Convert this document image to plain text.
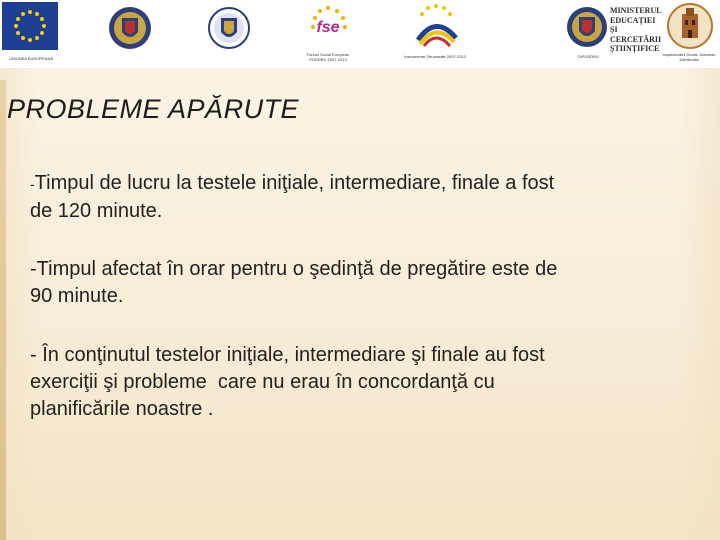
UNIUNEA EUROPEANĂ
fse
Fondul Social European POSDRU 2007-2013
Instrumente Structurale 2007-2013	OIPOSDRU
MINISTERUL EDUCAȚIEI ȘI CERCETĂRII ȘTIINȚIFICE
Inspectoratul Școlar Județean Dâmbovița
PROBLEME APĂRUTE
-Timpul de lucru la testele iniţiale, intermediare, finale a fost
de 120 minute.
-Timpul afectat în orar pentru o şedinţă de pregătire este de
90 minute.
- În conţinutul testelor iniţiale, intermediare şi finale au fost
exerciţii şi probleme  care nu erau în concordanţă cu
planificările noastre .
